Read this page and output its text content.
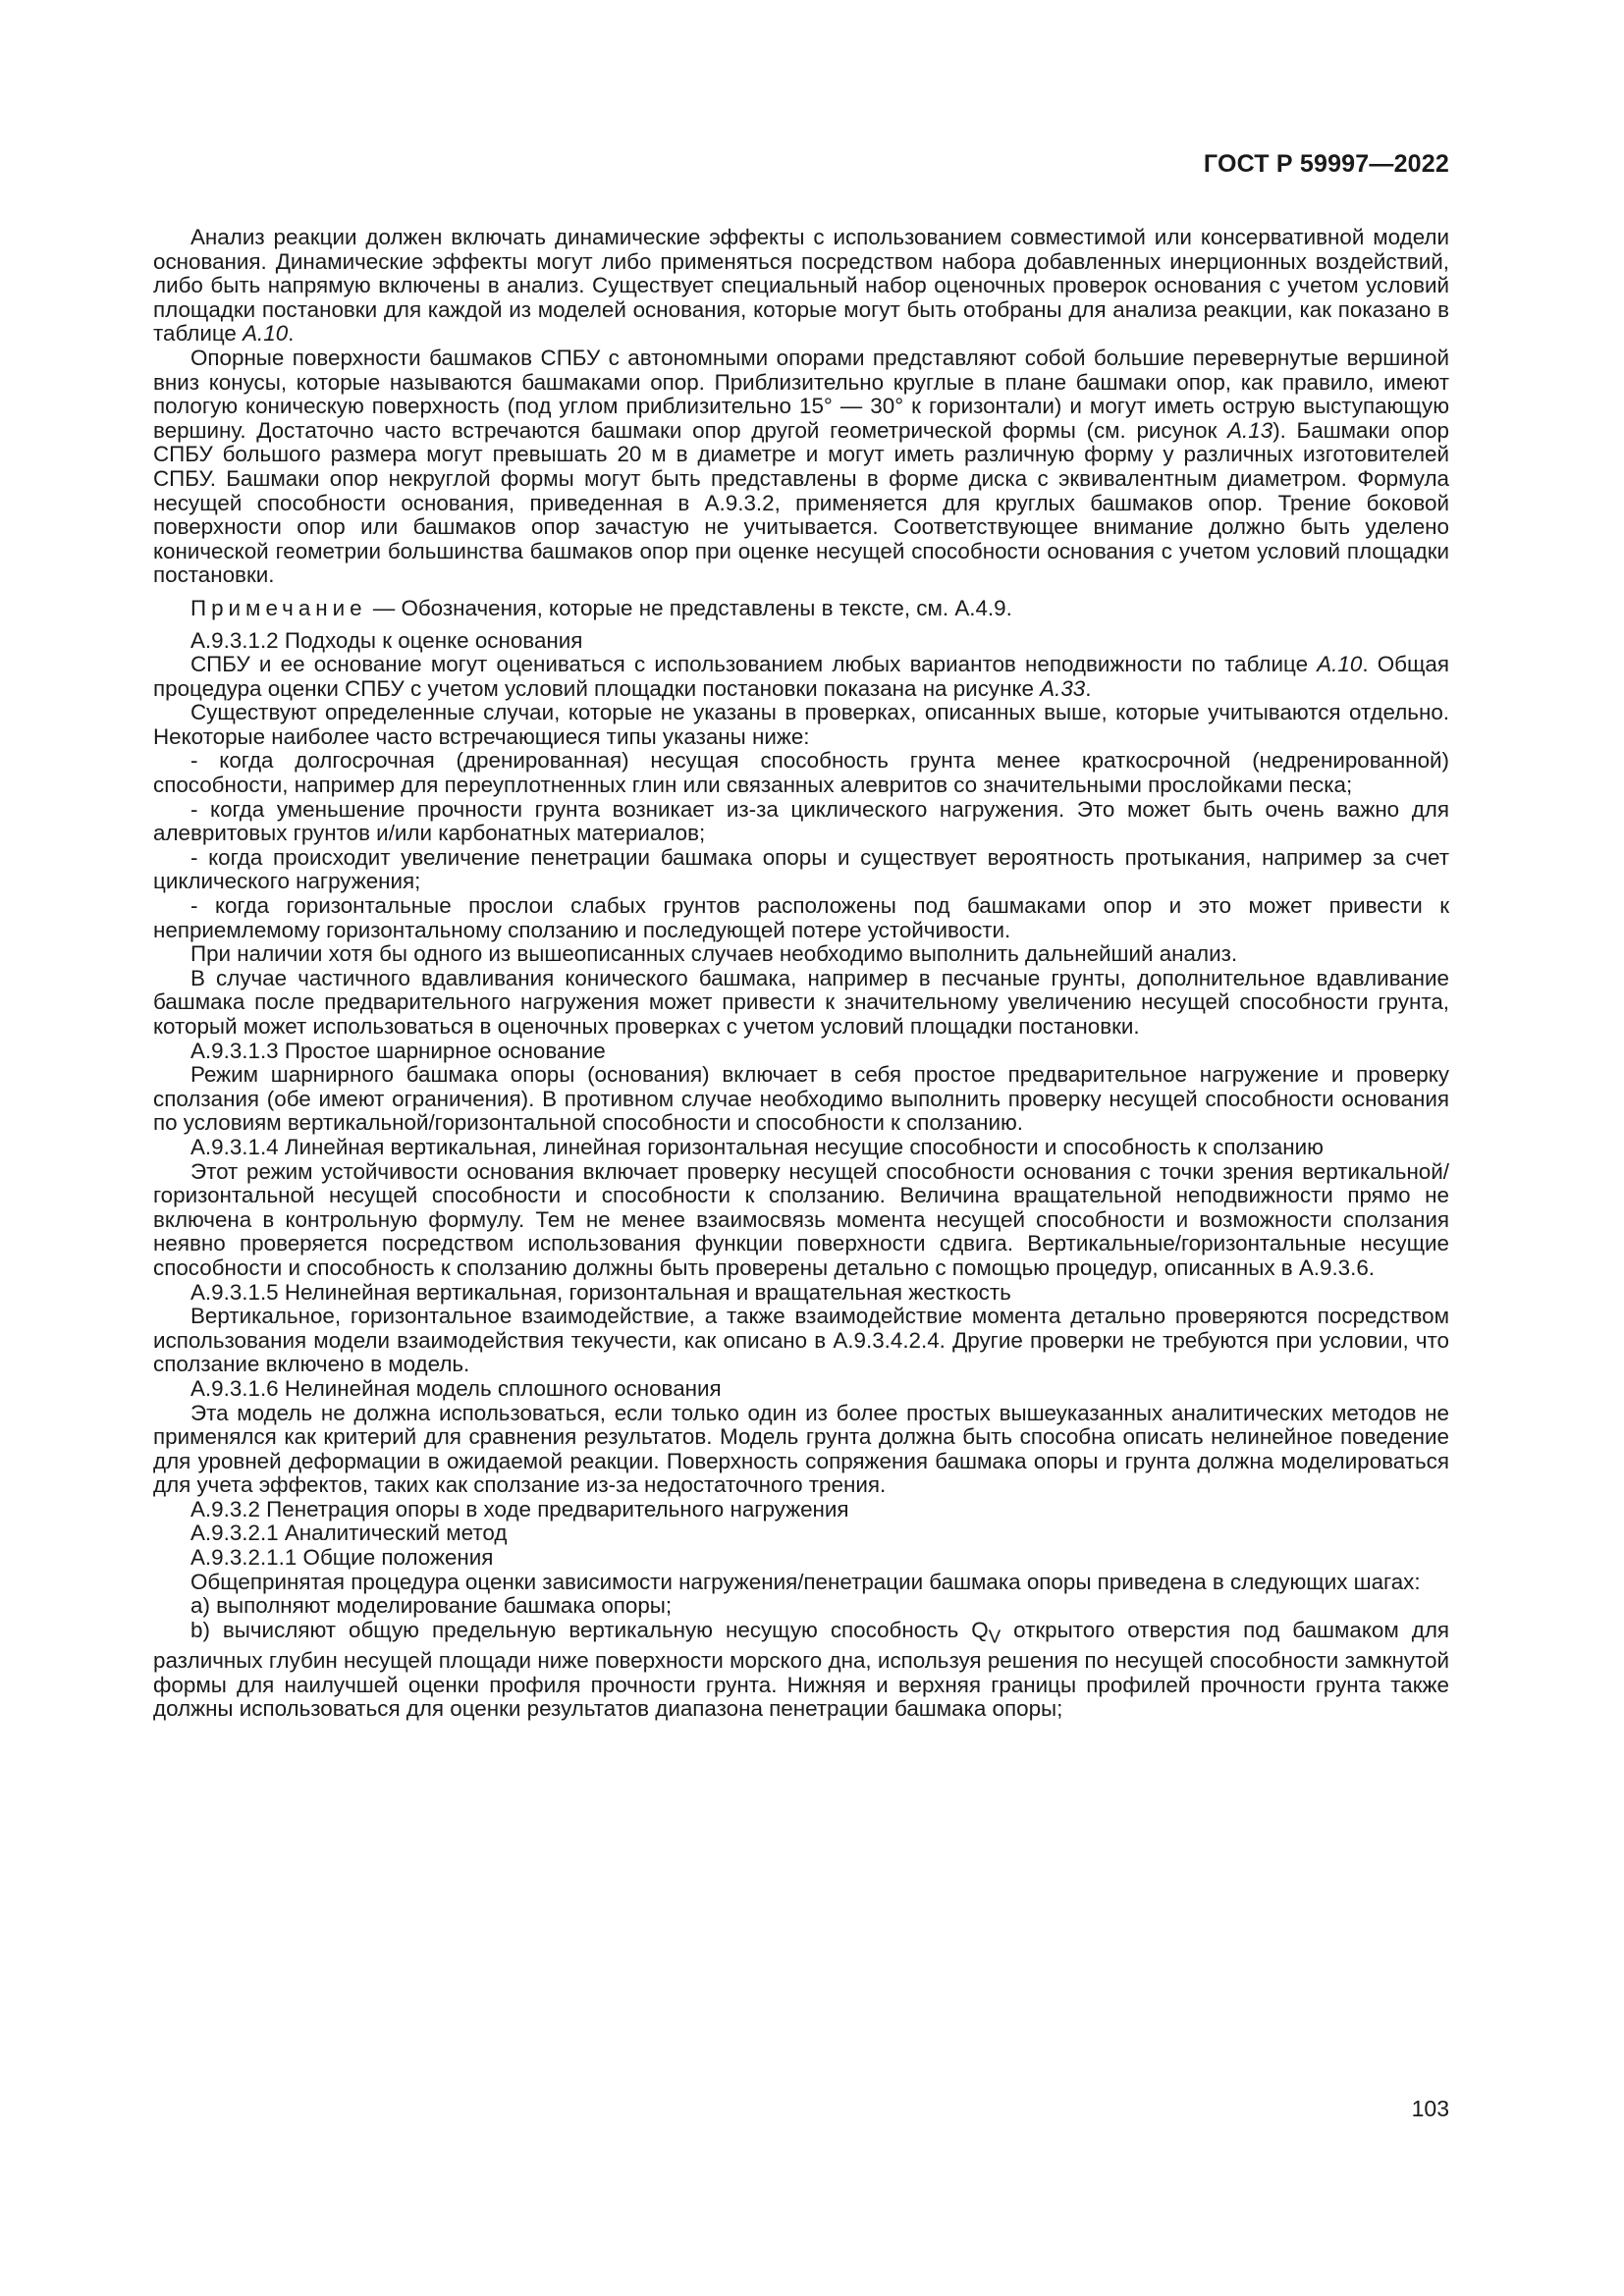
ГОСТ Р 59997—2022

Анализ реакции должен включать динамические эффекты с использованием совместимой или консервативной модели основания. Динамические эффекты могут либо применяться посредством набора добавленных инерционных воздействий, либо быть напрямую включены в анализ. Существует специальный набор оценочных проверок основания с учетом условий площадки постановки для каждой из моделей основания, которые могут быть отобраны для анализа реакции, как показано в таблице А.10.

Опорные поверхности башмаков СПБУ с автономными опорами представляют собой большие перевернутые вершиной вниз конусы, которые называются башмаками опор. Приблизительно круглые в плане башмаки опор, как правило, имеют пологую коническую поверхность (под углом приблизительно 15° — 30° к горизонтали) и могут иметь острую выступающую вершину. Достаточно часто встречаются башмаки опор другой геометрической формы (см. рисунок А.13). Башмаки опор СПБУ большого размера могут превышать 20 м в диаметре и могут иметь различную форму у различных изготовителей СПБУ. Башмаки опор некруглой формы могут быть представлены в форме диска с эквивалентным диаметром. Формула несущей способности основания, приведенная в А.9.3.2, применяется для круглых башмаков опор. Трение боковой поверхности опор или башмаков опор зачастую не учитывается. Соответствующее внимание должно быть уделено конической геометрии большинства башмаков опор при оценке несущей способности основания с учетом условий площадки постановки.

Примечание — Обозначения, которые не представлены в тексте, см. А.4.9.

А.9.3.1.2 Подходы к оценке основания

СПБУ и ее основание могут оцениваться с использованием любых вариантов неподвижности по таблице А.10. Общая процедура оценки СПБУ с учетом условий площадки постановки показана на рисунке А.33.

Существуют определенные случаи, которые не указаны в проверках, описанных выше, которые учитываются отдельно. Некоторые наиболее часто встречающиеся типы указаны ниже:

- когда долгосрочная (дренированная) несущая способность грунта менее краткосрочной (недренированной) способности, например для переуплотненных глин или связанных алевритов со значительными прослойками песка;

- когда уменьшение прочности грунта возникает из-за циклического нагружения. Это может быть очень важно для алевритовых грунтов и/или карбонатных материалов;

- когда происходит увеличение пенетрации башмака опоры и существует вероятность протыкания, например за счет циклического нагружения;

- когда горизонтальные прослои слабых грунтов расположены под башмаками опор и это может привести к неприемлемому горизонтальному сползанию и последующей потере устойчивости.

При наличии хотя бы одного из вышеописанных случаев необходимо выполнить дальнейший анализ.

В случае частичного вдавливания конического башмака, например в песчаные грунты, дополнительное вдавливание башмака после предварительного нагружения может привести к значительному увеличению несущей способности грунта, который может использоваться в оценочных проверках с учетом условий площадки постановки.

А.9.3.1.3 Простое шарнирное основание

Режим шарнирного башмака опоры (основания) включает в себя простое предварительное нагружение и проверку сползания (обе имеют ограничения). В противном случае необходимо выполнить проверку несущей способности основания по условиям вертикальной/горизонтальной способности и способности к сползанию.

А.9.3.1.4 Линейная вертикальная, линейная горизонтальная несущие способности и способность к сползанию

Этот режим устойчивости основания включает проверку несущей способности основания с точки зрения вертикальной/горизонтальной несущей способности и способности к сползанию. Величина вращательной неподвижности прямо не включена в контрольную формулу. Тем не менее взаимосвязь момента несущей способности и возможности сползания неявно проверяется посредством использования функции поверхности сдвига. Вертикальные/горизонтальные несущие способности и способность к сползанию должны быть проверены детально с помощью процедур, описанных в А.9.3.6.

А.9.3.1.5 Нелинейная вертикальная, горизонтальная и вращательная жесткость

Вертикальное, горизонтальное взаимодействие, а также взаимодействие момента детально проверяются посредством использования модели взаимодействия текучести, как описано в А.9.3.4.2.4. Другие проверки не требуются при условии, что сползание включено в модель.

А.9.3.1.6 Нелинейная модель сплошного основания

Эта модель не должна использоваться, если только один из более простых вышеуказанных аналитических методов не применялся как критерий для сравнения результатов. Модель грунта должна быть способна описать нелинейное поведение для уровней деформации в ожидаемой реакции. Поверхность сопряжения башмака опоры и грунта должна моделироваться для учета эффектов, таких как сползание из-за недостаточного трения.

А.9.3.2 Пенетрация опоры в ходе предварительного нагружения

А.9.3.2.1 Аналитический метод

А.9.3.2.1.1 Общие положения

Общепринятая процедура оценки зависимости нагружения/пенетрации башмака опоры приведена в следующих шагах:

а) выполняют моделирование башмака опоры;

b) вычисляют общую предельную вертикальную несущую способность $Q_V$ открытого отверстия под башмаком для различных глубин несущей площади ниже поверхности морского дна, используя решения по несущей способности замкнутой формы для наилучшей оценки профиля прочности грунта. Нижняя и верхняя границы профилей прочности грунта также должны использоваться для оценки результатов диапазона пенетрации башмака опоры;

103
